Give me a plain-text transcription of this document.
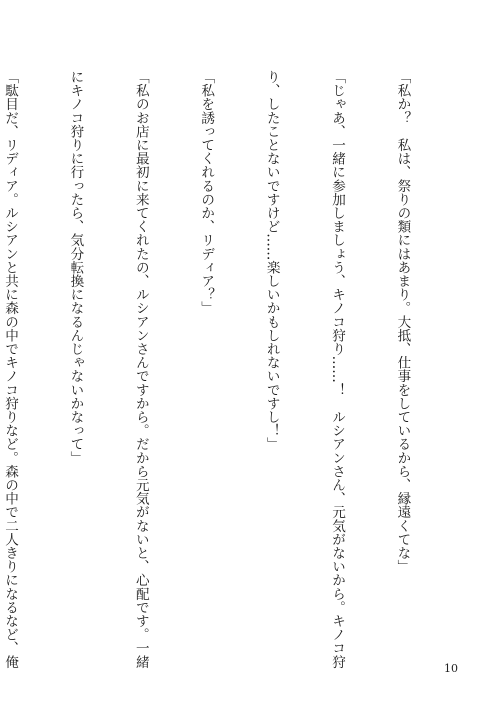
「私か？　私は、祭りの類にはあまり。大抵、仕事をしているから、縁遠くてな」

「じゃあ、一緒に参加しましょう、キノコ狩り……！　ルシアンさん、元気がないから。キノコ狩

り、したことないですけど……楽しいかもしれないですし！」

「私を誘ってくれるのか、リディア？」

「私のお店に最初に来てくれたの、ルシアンさんですから。だから元気がないと、心配です。一緒

にキノコ狩りに行ったら、気分転換になるんじゃないかなって」

「駄目だ、リディア。ルシアンと共に森の中でキノコ狩りなど。森の中で二人きりになるなど、俺

10
